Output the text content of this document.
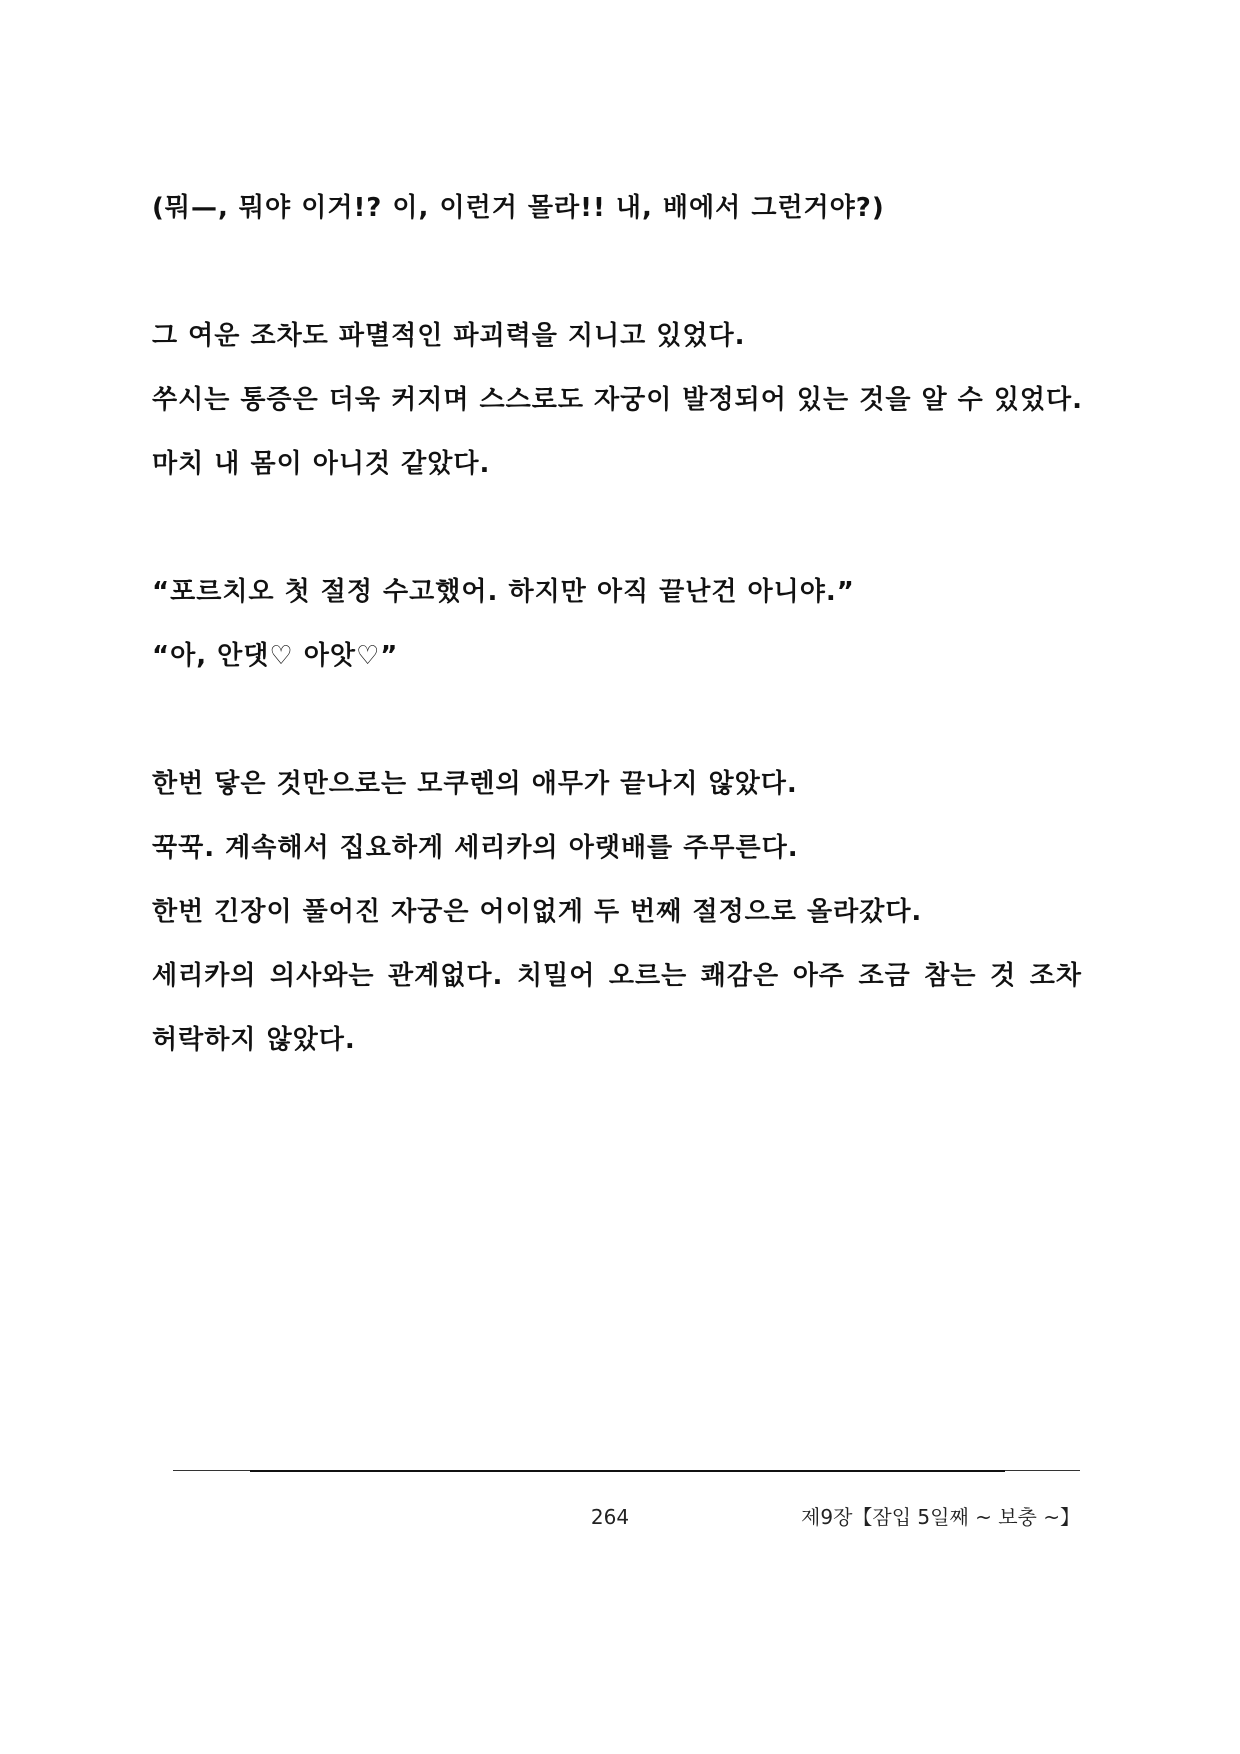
(뭐—, 뭐야 이거!? 이, 이런거 몰라!! 내, 배에서 그런거야?)
그 여운 조차도 파멸적인 파괴력을 지니고 있었다.
쑤시는 통증은 더욱 커지며 스스로도 자궁이 발정되어 있는 것을 알 수 있었다.
마치 내 몸이 아니것 같았다.
“포르치오 첫 절정 수고했어. 하지만 아직 끝난건 아니야.”
“아, 안댓♡ 아앗♡”
한번 닿은 것만으로는 모쿠렌의 애무가 끝나지 않았다.
꾹꾹. 계속해서 집요하게 세리카의 아랫배를 주무른다.
한번 긴장이 풀어진 자궁은 어이없게 두 번째 절정으로 올라갔다.
세리카의 의사와는 관계없다. 치밀어 오르는 쾌감은 아주 조금 참는 것 조차
허락하지 않았다.
264	제9장【잠입 5일째 ~ 보충 ~】
